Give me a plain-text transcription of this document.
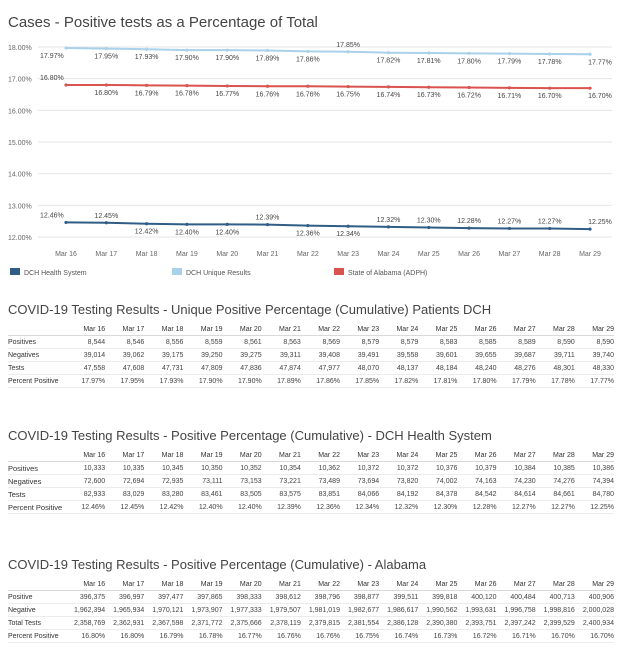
Cases - Positive tests as a Percentage of Total
18.00%
17.00%
16.00%
15.00%
14.00%
13.00%
12.00%
Mar 16	Mar 17	Mar 18	Mar 19	Mar 20	Mar 21	Mar 22	Mar 23	Mar 24	Mar 25	Mar 26	Mar 27	Mar 28	Mar 29
17.97%	17.95% 17.93% 17.90% 17.90% 17.89% 17.86%
17.85%
17.82% 17.81% 17.80% 17.79% 17.78%	17.77%
16.80%
16.80% 16.79% 16.78% 16.77% 16.76% 16.76% 16.75% 16.74% 16.73% 16.72% 16.71% 16.70%	16.70%
12.46%	12.45%
12.42% 12.40% 12.40%
12.39%
12.36% 12.34%
12.32% 12.30% 12.28% 12.27% 12.27%	12.25%
DCH Health System	DCH Unique Results	State of Alabama (ADPH)
COVID-19 Testing Results - Unique Positive Percentage (Cumulative) Patients DCH
	Mar 16	Mar 17	Mar 18	Mar 19	Mar 20	Mar 21	Mar 22	Mar 23	Mar 24	Mar 25	Mar 26	Mar 27	Mar 28	Mar 29
Positives	8,544	8,546	8,556	8,559	8,561	8,563	8,569	8,579	8,579	8,583	8,585	8,589	8,590	8,590
Negatives	39,014	39,062	39,175	39,250	39,275	39,311	39,408	39,491	39,558	39,601	39,655	39,687	39,711	39,740
Tests	47,558	47,608	47,731	47,809	47,836	47,874	47,977	48,070	48,137	48,184	48,240	48,276	48,301	48,330
Percent Positive	17.97%	17.95%	17.93%	17.90%	17.90%	17.89%	17.86%	17.85%	17.82%	17.81%	17.80%	17.79%	17.78%	17.77%
COVID-19 Testing Results - Positive Percentage (Cumulative) - DCH Health System
	Mar 16	Mar 17	Mar 18	Mar 19	Mar 20	Mar 21	Mar 22	Mar 23	Mar 24	Mar 25	Mar 26	Mar 27	Mar 28	Mar 29
Positives	10,333	10,335	10,345	10,350	10,352	10,354	10,362	10,372	10,372	10,376	10,379	10,384	10,385	10,386
Negatives	72,600	72,694	72,935	73,111	73,153	73,221	73,489	73,694	73,820	74,002	74,163	74,230	74,276	74,394
Tests	82,933	83,029	83,280	83,461	83,505	83,575	83,851	84,066	84,192	84,378	84,542	84,614	84,661	84,780
Percent Positive	12.46%	12.45%	12.42%	12.40%	12.40%	12.39%	12.36%	12.34%	12.32%	12.30%	12.28%	12.27%	12.27%	12.25%
COVID-19 Testing Results - Positive Percentage (Cumulative) - Alabama
	Mar 16	Mar 17	Mar 18	Mar 19	Mar 20	Mar 21	Mar 22	Mar 23	Mar 24	Mar 25	Mar 26	Mar 27	Mar 28	Mar 29
Positive	396,375	396,997	397,477	397,865	398,333	398,612	398,796	398,877	399,511	399,818	400,120	400,484	400,713	400,906
Negative	1,962,394	1,965,934	1,970,121	1,973,907	1,977,333	1,979,507	1,981,019	1,982,677	1,986,617	1,990,562	1,993,631	1,996,758	1,998,816	2,000,028
Total Tests	2,358,769	2,362,931	2,367,598	2,371,772	2,375,666	2,378,119	2,379,815	2,381,554	2,386,128	2,390,380	2,393,751	2,397,242	2,399,529	2,400,934
Percent Positive	16.80%	16.80%	16.79%	16.78%	16.77%	16.76%	16.76%	16.75%	16.74%	16.73%	16.72%	16.71%	16.70%	16.70%
